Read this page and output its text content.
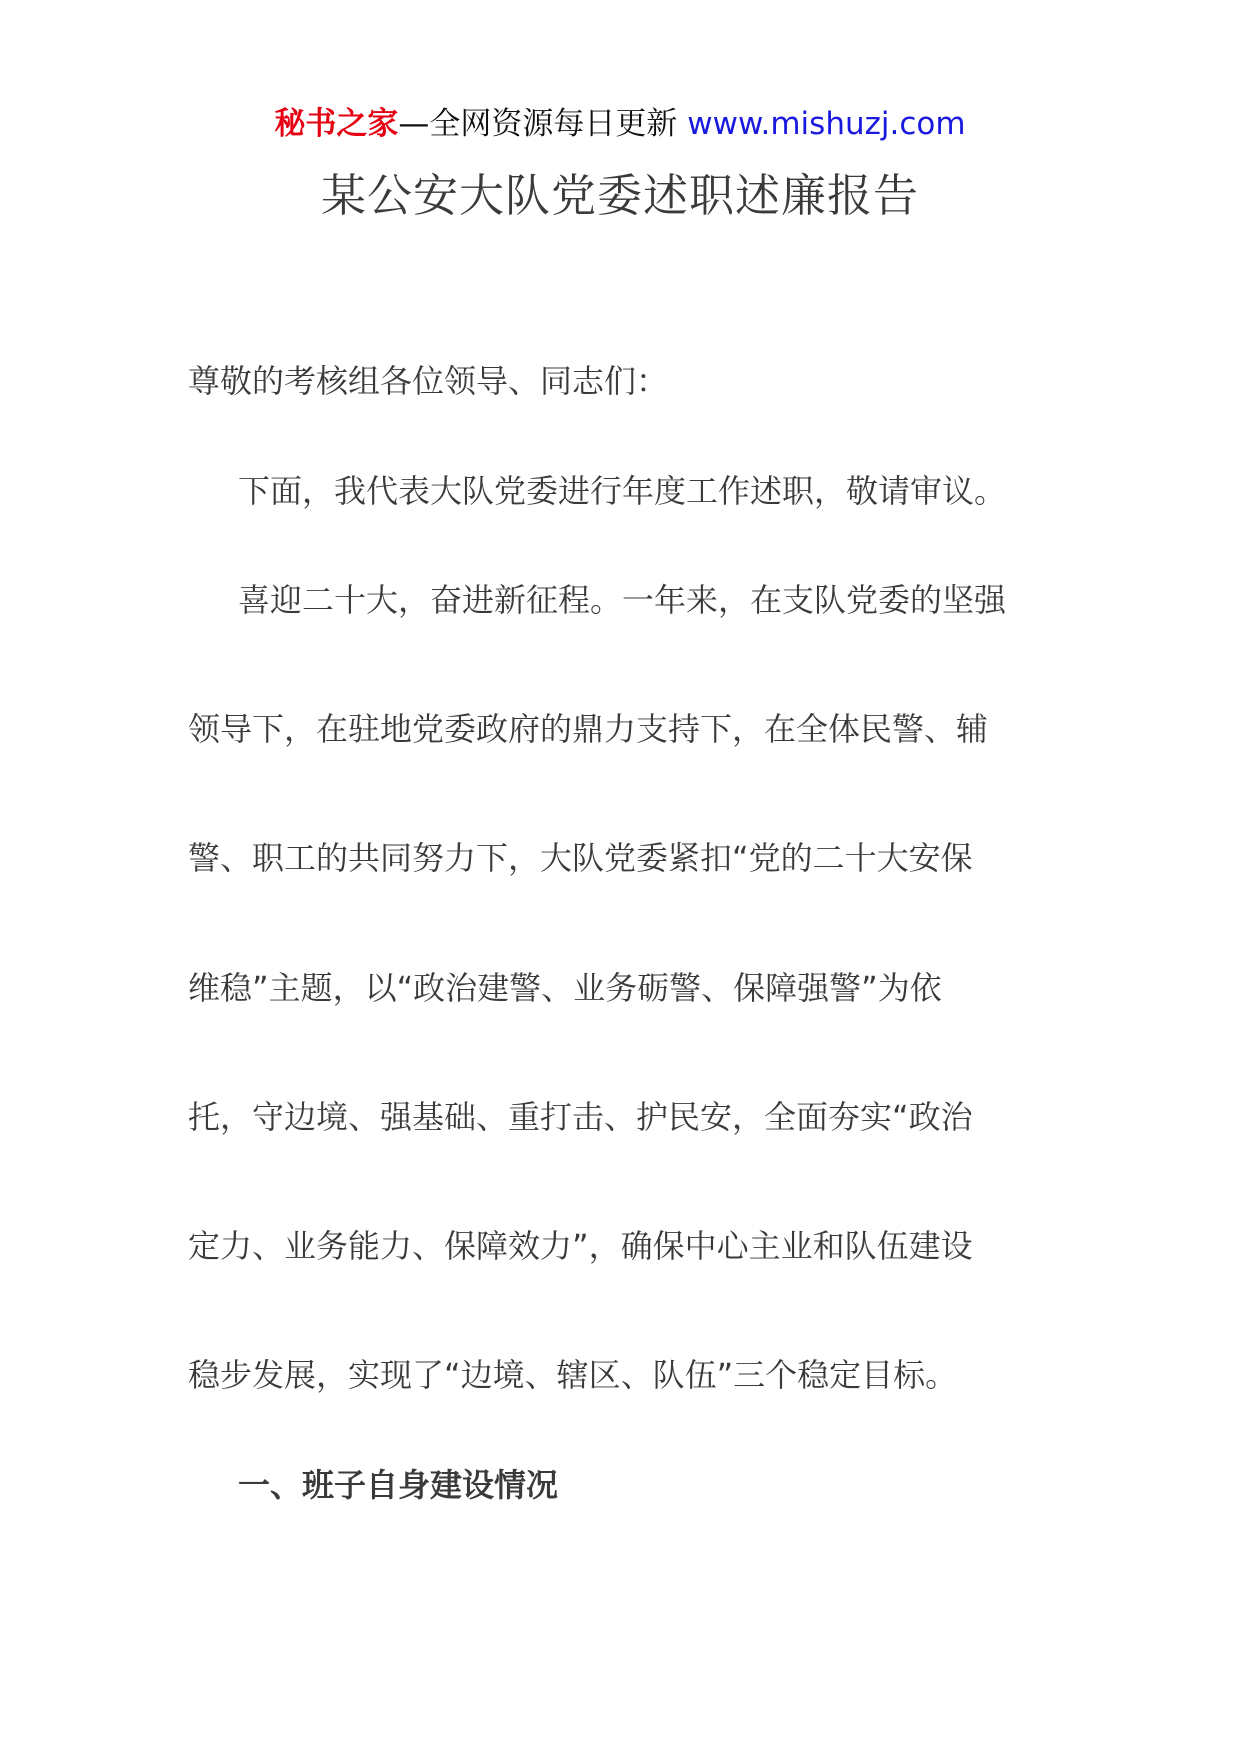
秘书之家—全网资源每日更新 www.mishuzj.com
某公安大队党委述职述廉报告
尊敬的考核组各位领导、同志们：
下面，我代表大队党委进行年度工作述职，敬请审议。
喜迎二十大，奋进新征程。一年来，在支队党委的坚强
领导下，在驻地党委政府的鼎力支持下，在全体民警、辅
警、职工的共同努力下，大队党委紧扣“党的二十大安保
维稳”主题，以“政治建警、业务砺警、保障强警”为依
托，守边境、强基础、重打击、护民安，全面夯实“政治
定力、业务能力、保障效力”，确保中心主业和队伍建设
稳步发展，实现了“边境、辖区、队伍”三个稳定目标。
一、班子自身建设情况
